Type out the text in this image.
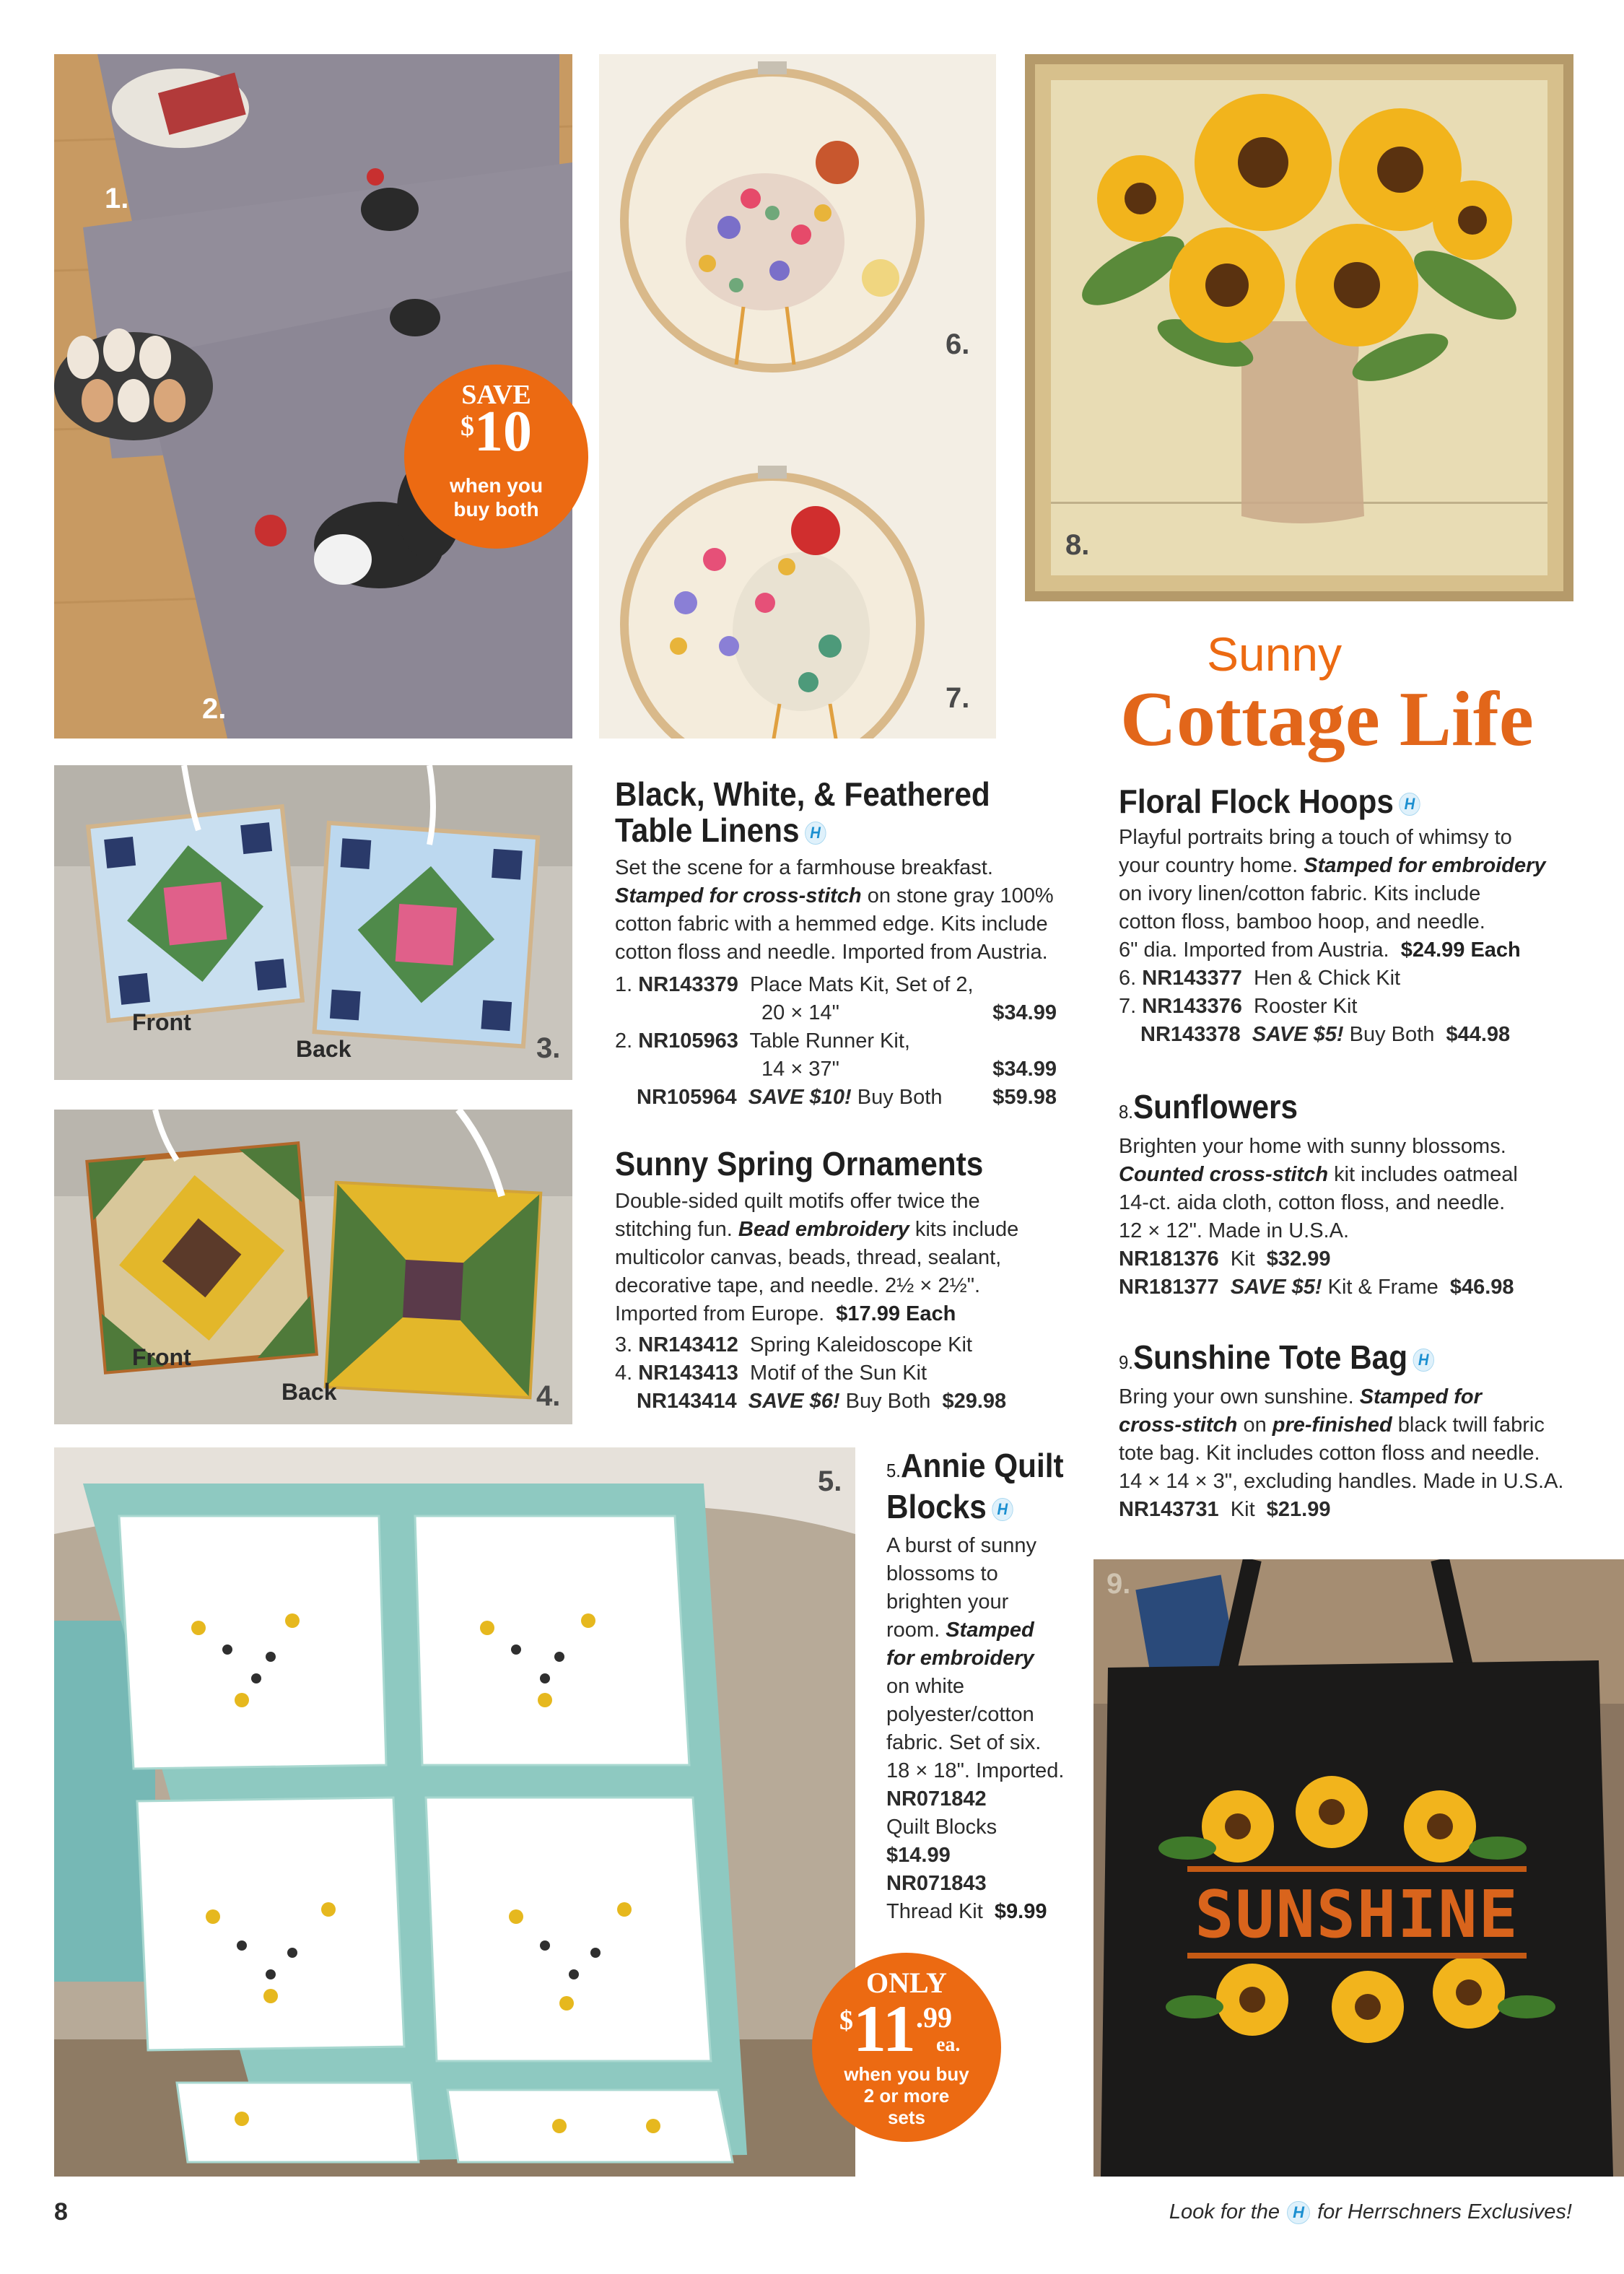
1.
2.
SAVE
$10
when you
buy both
6.
7.
8.
Sunny
Cottage Life
Front
Back	3.
Front
Back	4.
5.
ONLY
$11.99
ea.
when you buy
2 or more
sets
SUNSHINE
9.
Black, White, & Feathered
Table Linens H
Set the scene for a farmhouse breakfast.
Stamped for cross-stitch on stone gray 100%
cotton fabric with a hemmed edge. Kits include
cotton floss and needle. Imported from Austria.
1. NR143379 Place Mats Kit, Set of 2,
20 × 14"	$34.99
2. NR105963 Table Runner Kit,
14 × 37"	$34.99
NR105964 SAVE $10! Buy Both $59.98
Sunny Spring Ornaments
Double-sided quilt motifs offer twice the
stitching fun. Bead embroidery kits include
multicolor canvas, beads, thread, sealant,
decorative tape, and needle. 2½ × 2½".
Imported from Europe. $17.99 Each
3. NR143412 Spring Kaleidoscope Kit
4. NR143413 Motif of the Sun Kit
NR143414 SAVE $6! Buy Both $29.98
5.Annie Quilt
Blocks H
A burst of sunny
blossoms to
brighten your
room. Stamped
for embroidery
on white
polyester/cotton
fabric. Set of six.
18 × 18". Imported.
NR071842
Quilt Blocks
$14.99
NR071843
Thread Kit $9.99
Floral Flock Hoops H
Playful portraits bring a touch of whimsy to
your country home. Stamped for embroidery
on ivory linen/cotton fabric. Kits include
cotton floss, bamboo hoop, and needle.
6" dia. Imported from Austria. $24.99 Each
6. NR143377 Hen & Chick Kit
7. NR143376 Rooster Kit
NR143378 SAVE $5! Buy Both $44.98
8.Sunflowers
Brighten your home with sunny blossoms.
Counted cross-stitch kit includes oatmeal
14-ct. aida cloth, cotton floss, and needle.
12 × 12". Made in U.S.A.
NR181376 Kit $32.99
NR181377 SAVE $5! Kit & Frame $46.98
9.Sunshine Tote Bag H
Bring your own sunshine. Stamped for
cross-stitch on pre-finished black twill fabric
tote bag. Kit includes cotton floss and needle.
14 × 14 × 3", excluding handles. Made in U.S.A.
NR143731 Kit $21.99
8	Look for the H for Herrschners Exclusives!
